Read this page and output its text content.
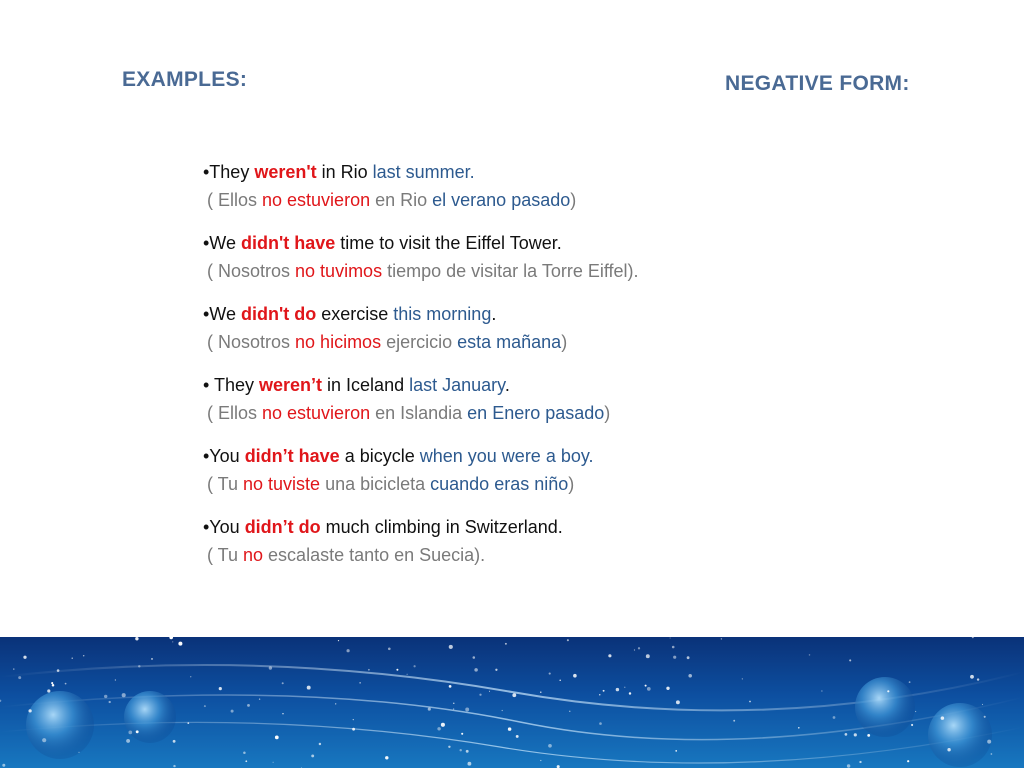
EXAMPLES:	NEGATIVE FORM:
•They weren't in Rio last summer.
( Ellos no estuvieron en Rio el verano pasado)
•We didn't have time to visit the Eiffel Tower.
( Nosotros no tuvimos tiempo de visitar la Torre Eiffel).
•We didn't do exercise this morning.
( Nosotros no hicimos ejercicio esta mañana)
• They weren’t in Iceland last January.
( Ellos no estuvieron en Islandia en Enero pasado)
•You didn’t have a bicycle when you were a boy.
( Tu no tuviste una bicicleta cuando eras niño)
•You didn’t do much climbing in Switzerland.
( Tu no escalaste tanto en Suecia).
